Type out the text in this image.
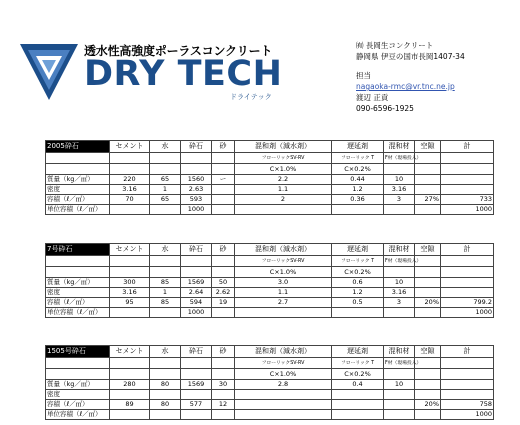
透水性高強度ポーラスコンクリート
DRY TECH
ドライテック
㈲ 長岡生コンクリート
静岡県 伊豆の国市長岡1407-34
担当
nagaoka-rmc@vr.tnc.ne.jp
渡辺 正貢
090-6596-1925
2005砕石	セメント	水	砕石	砂	混和剤（減水剤）	遅延剤	混和材	空隙	計
					フローリックSV-RV	フローリック T	F材（現場投入）		
					C×1.0%	C×0.2%			
質量（kg／㎥）	220	65	1560	ー	2.2	0.44	10		
密度	3.16	1	2.63		1.1	1.2	3.16		
容積（ℓ／㎥）	70	65	593		2	0.36	3	27%	733
単位容積（ℓ／㎥）			1000						1000
7号砕石	セメント	水	砕石	砂	混和剤（減水剤）	遅延剤	混和材	空隙	計
					フローリックSV-RV	フローリック T	F材（現場投入）		
					C×1.0%	C×0.2%			
質量（kg／㎥）	300	85	1569	50	3.0	0.6	10		
密度	3.16	1	2.64	2.62	1.1	1.2	3.16		
容積（ℓ／㎥）	95	85	594	19	2.7	0.5	3	20%	799.2
単位容積（ℓ／㎥）			1000						1000
1505号砕石	セメント	水	砕石	砂	混和剤（減水剤）	遅延剤	混和材	空隙	計
					フローリックSV-RV	フローリック T	F材（現場投入）		
					C×1.0%	C×0.2%			
質量（kg／㎥）	280	80	1569	30	2.8	0.4	10		
密度									
容積（ℓ／㎥）	89	80	577	12				20%	758
単位容積（ℓ／㎥）									1000
